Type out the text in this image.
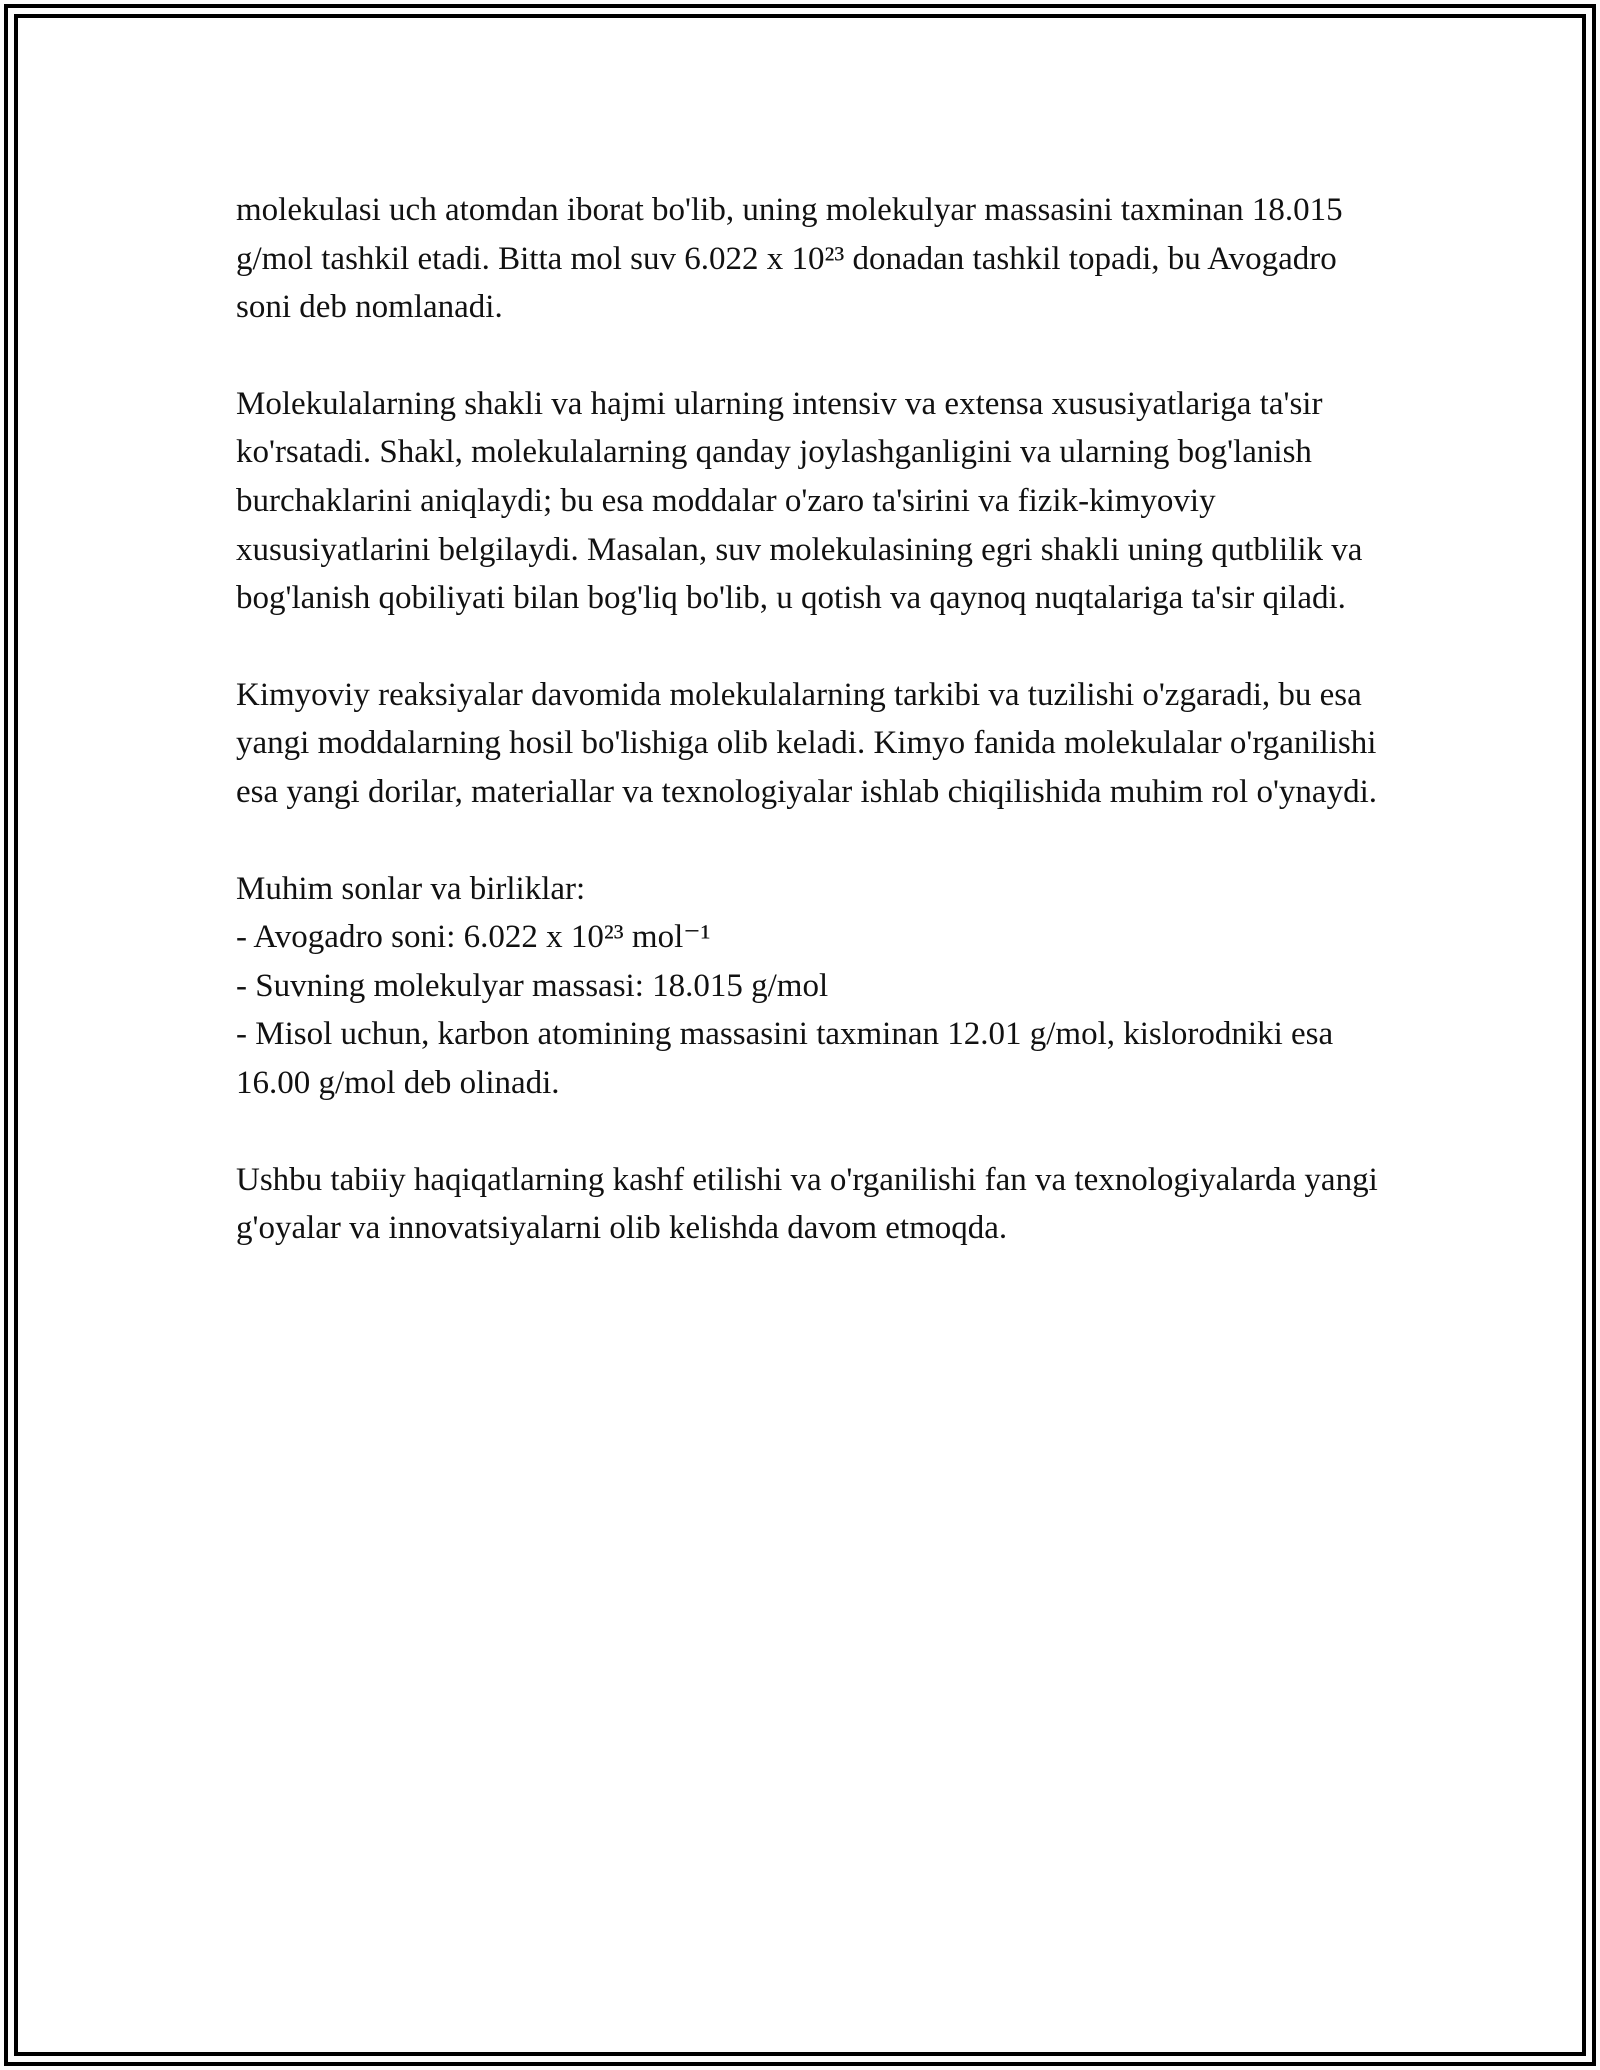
molekulasi uch atomdan iborat bo'lib, uning molekulyar massasini taxminan 18.015 g/mol tashkil etadi. Bitta mol suv 6.022 x 10²³ donadan tashkil topadi, bu Avogadro soni deb nomlanadi.

Molekulalarning shakli va hajmi ularning intensiv va extensa xususiyatlariga ta'sir ko'rsatadi. Shakl, molekulalarning qanday joylashganligini va ularning bog'lanish burchaklarini aniqlaydi; bu esa moddalar o'zaro ta'sirini va fizik-kimyoviy xususiyatlarini belgilaydi. Masalan, suv molekulasining egri shakli uning qutblilik va bog'lanish qobiliyati bilan bog'liq bo'lib, u qotish va qaynoq nuqtalariga ta'sir qiladi.

Kimyoviy reaksiyalar davomida molekulalarning tarkibi va tuzilishi o'zgaradi, bu esa yangi moddalarning hosil bo'lishiga olib keladi. Kimyo fanida molekulalar o'rganilishi esa yangi dorilar, materiallar va texnologiyalar ishlab chiqilishida muhim rol o'ynaydi.

Muhim sonlar va birliklar:
- Avogadro soni: 6.022 x 10²³ mol⁻¹
- Suvning molekulyar massasi: 18.015 g/mol
- Misol uchun, karbon atomining massasini taxminan 12.01 g/mol, kislorodniki esa 16.00 g/mol deb olinadi.

Ushbu tabiiy haqiqatlarning kashf etilishi va o'rganilishi fan va texnologiyalarda yangi g'oyalar va innovatsiyalarni olib kelishda davom etmoqda.
